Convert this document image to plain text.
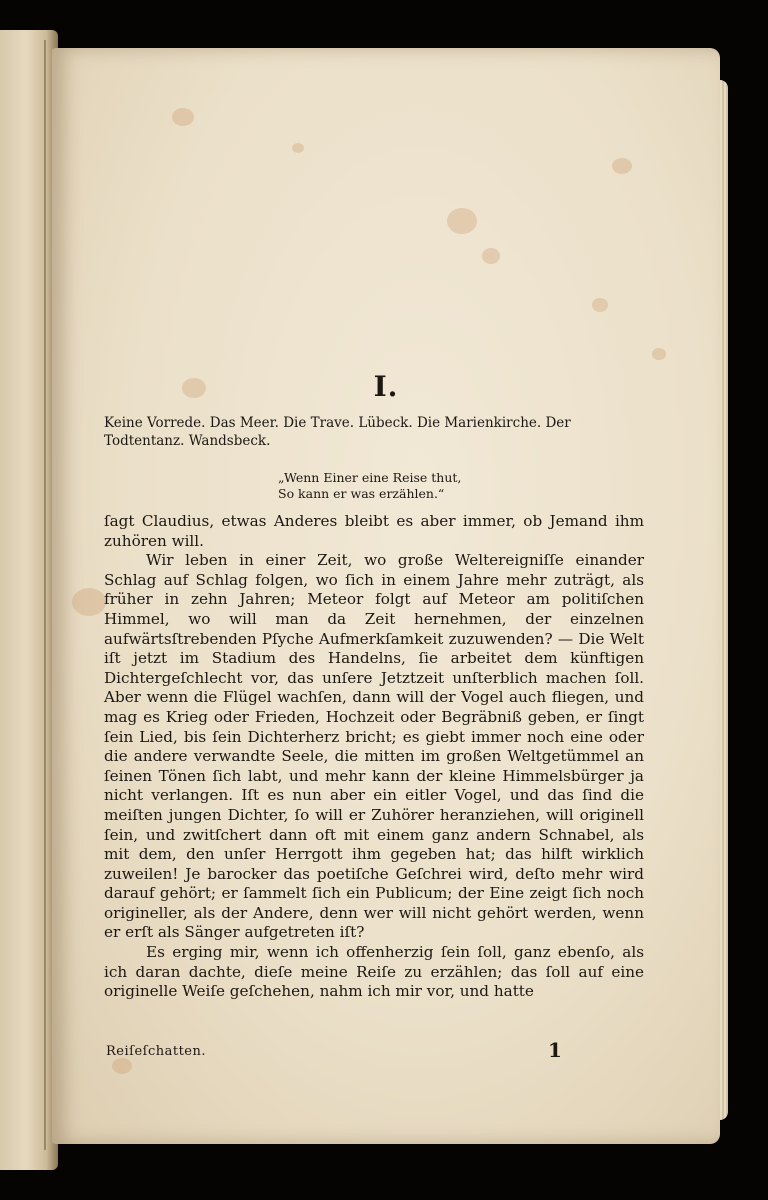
I.
Keine Vorrede. Das Meer. Die Trave. Lübeck. Die Marienkirche. Der
Todtentanz. Wandsbeck.
„Wenn Einer eine Reise thut,
So kann er was erzählen.“

ſagt Claudius, etwas Anderes bleibt es aber immer, ob Jemand ihm zuhören will.

Wir leben in einer Zeit, wo große Weltereigniſſe einander Schlag auf Schlag folgen, wo ſich in einem Jahre mehr zuträgt, als früher in zehn Jahren; Meteor folgt auf Meteor am politiſchen Himmel, wo will man da Zeit hernehmen, der einzelnen aufwärtsſtrebenden Pſyche Aufmerkſamkeit zuzuwenden? — Die Welt iſt jetzt im Stadium des Handelns, ſie arbeitet dem künftigen Dichtergeſchlecht vor, das unſere Jetztzeit unſterblich machen ſoll. Aber wenn die Flügel wachſen, dann will der Vogel auch fliegen, und mag es Krieg oder Frieden, Hochzeit oder Begräbniß geben, er ſingt ſein Lied, bis ſein Dichterherz bricht; es giebt immer noch eine oder die andere verwandte Seele, die mitten im großen Weltgetümmel an ſeinen Tönen ſich labt, und mehr kann der kleine Himmelsbürger ja nicht verlangen. Iſt es nun aber ein eitler Vogel, und das ſind die meiſten jungen Dichter, ſo will er Zuhörer heranziehen, will originell ſein, und zwitſchert dann oft mit einem ganz andern Schnabel, als mit dem, den unſer Herrgott ihm gegeben hat; das hilft wirklich zuweilen! Je barocker das poetiſche Geſchrei wird, deſto mehr wird darauf gehört; er ſammelt ſich ein Publicum; der Eine zeigt ſich noch origineller, als der Andere, denn wer will nicht gehört werden, wenn er erſt als Sänger aufgetreten iſt?

Es erging mir, wenn ich offenherzig ſein ſoll, ganz ebenſo, als ich daran dachte, dieſe meine Reiſe zu erzählen; das ſoll auf eine originelle Weiſe geſchehen, nahm ich mir vor, und hatte

Reiſeſchatten.	1
